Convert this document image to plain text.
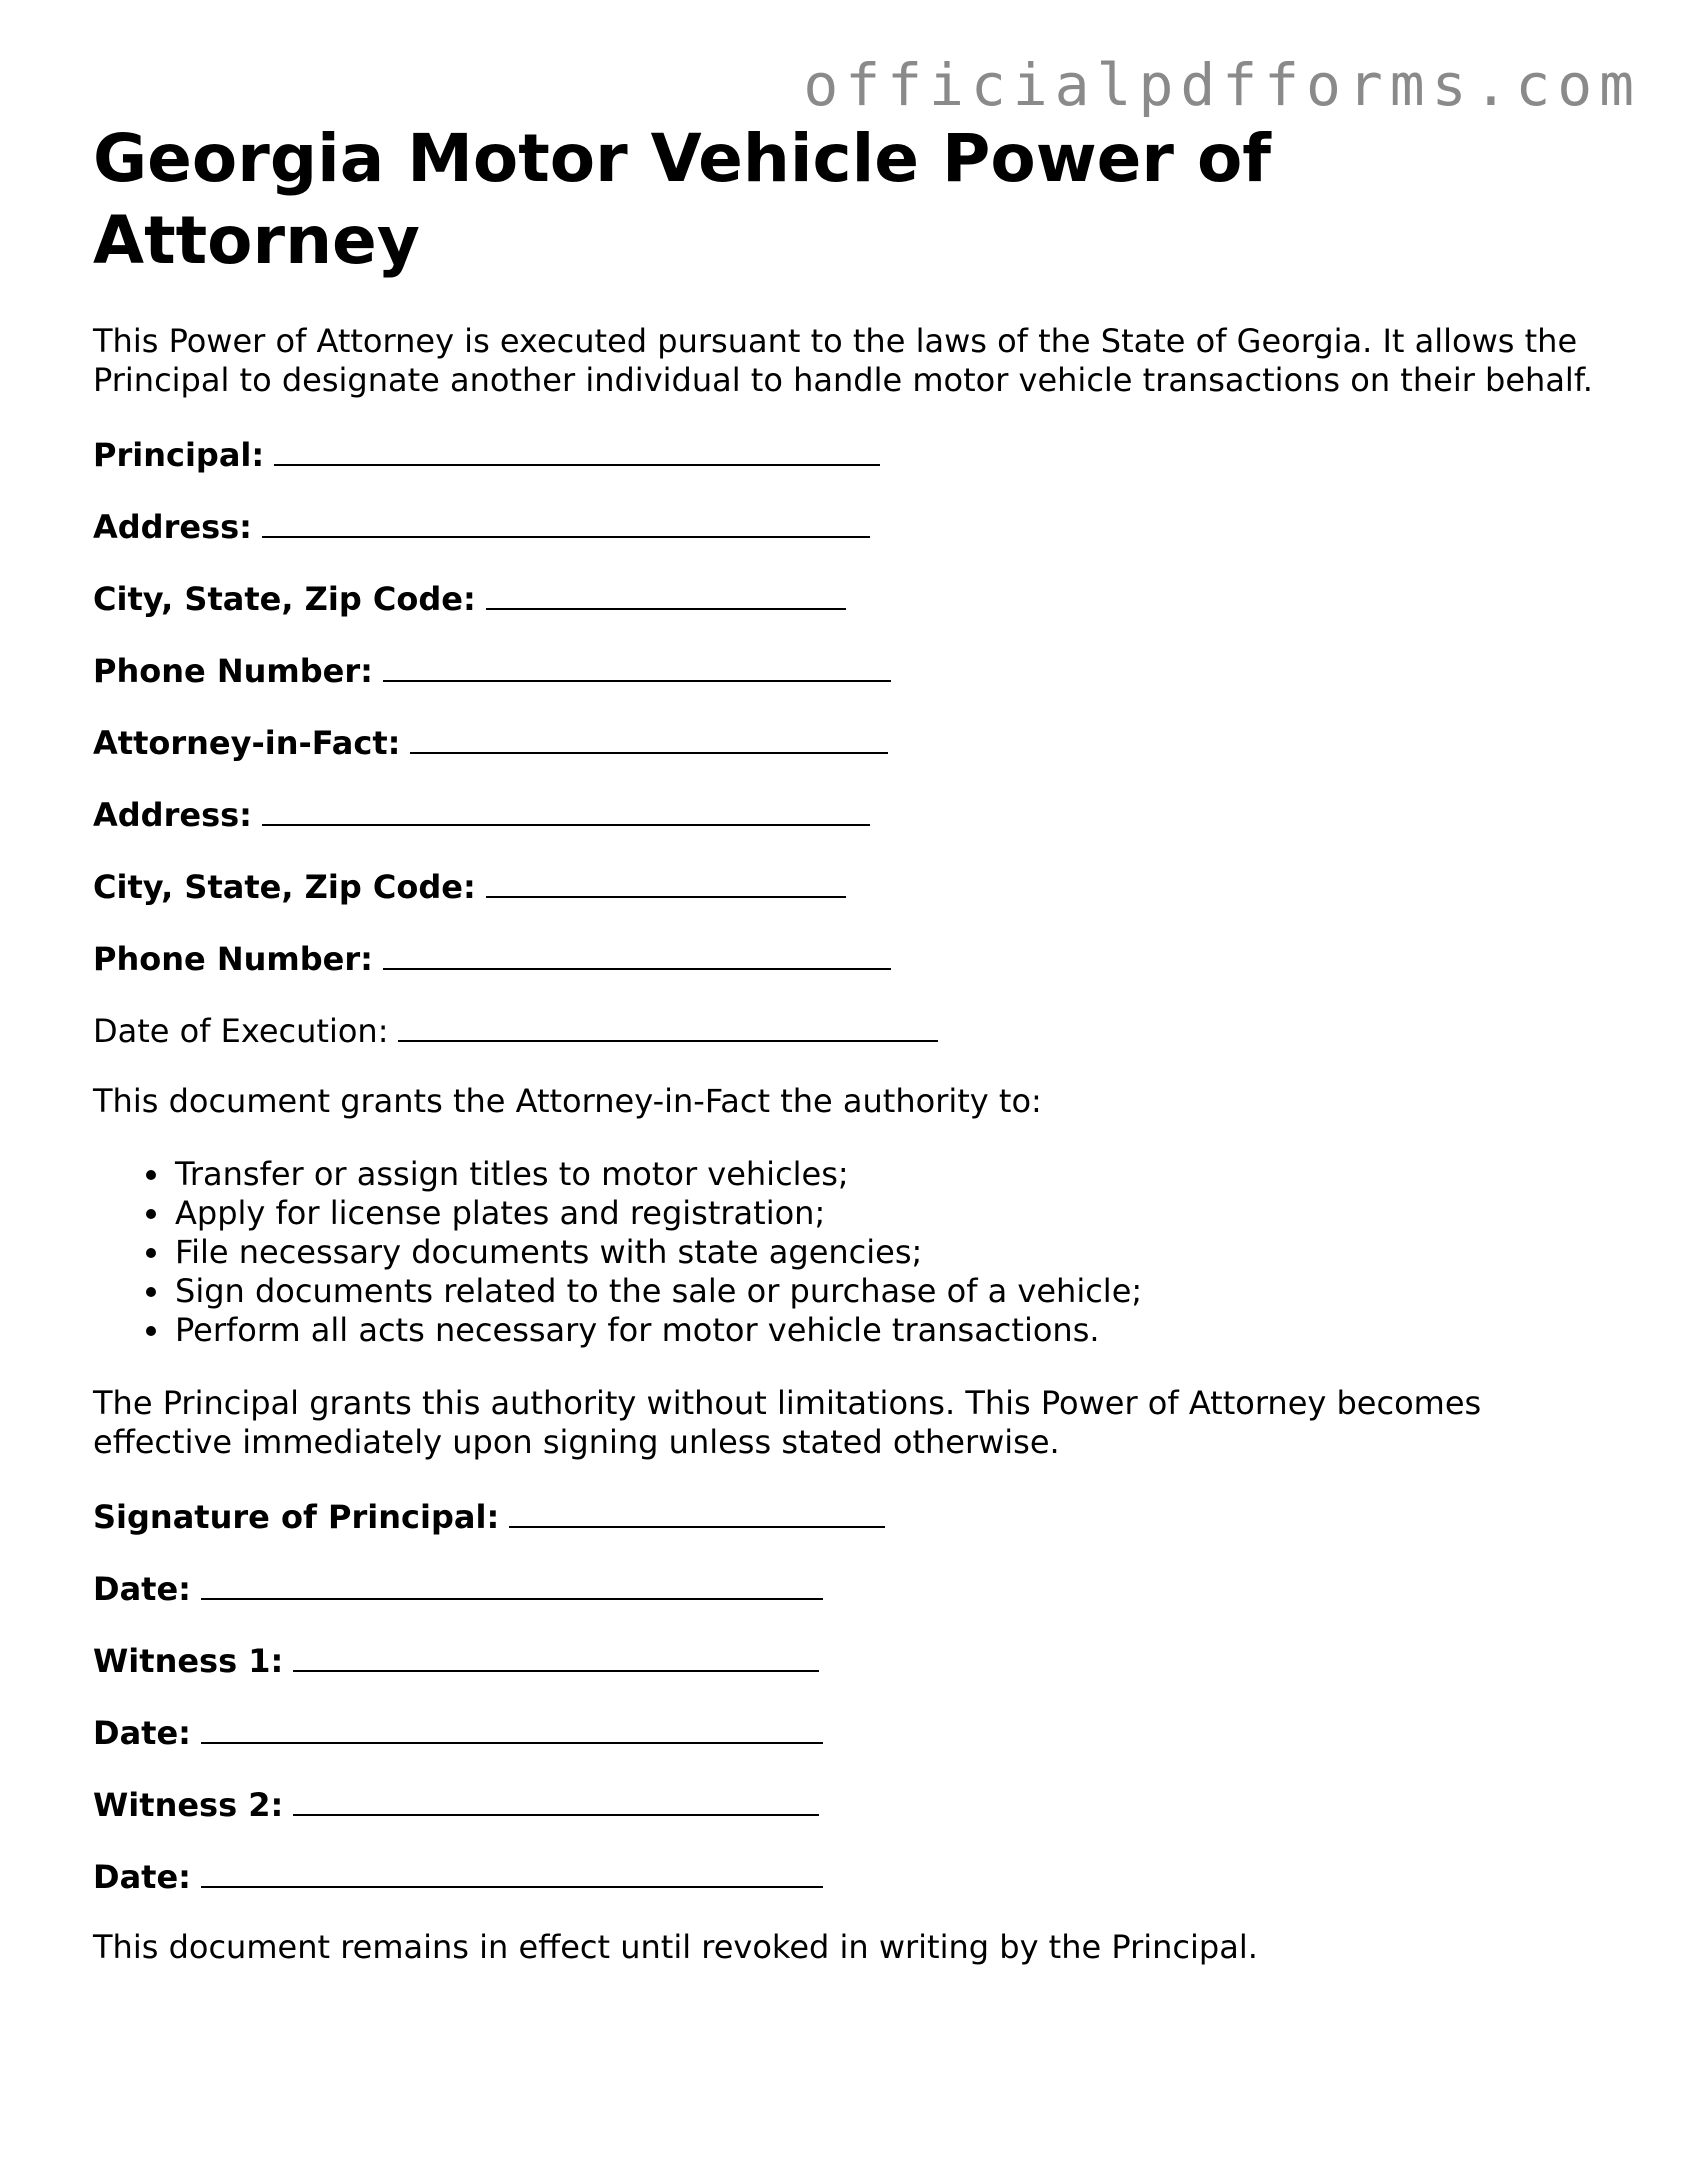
officialpdfforms.com
Georgia Motor Vehicle Power of Attorney

This Power of Attorney is executed pursuant to the laws of the State of Georgia. It allows the Principal to designate another individual to handle motor vehicle transactions on their behalf.

Principal:
Address:
City, State, Zip Code:
Phone Number:
Attorney-in-Fact:
Address:
City, State, Zip Code:
Phone Number:
Date of Execution:

This document grants the Attorney-in-Fact the authority to:

• Transfer or assign titles to motor vehicles;
• Apply for license plates and registration;
• File necessary documents with state agencies;
• Sign documents related to the sale or purchase of a vehicle;
• Perform all acts necessary for motor vehicle transactions.

The Principal grants this authority without limitations. This Power of Attorney becomes effective immediately upon signing unless stated otherwise.

Signature of Principal:
Date:
Witness 1:
Date:
Witness 2:
Date:

This document remains in effect until revoked in writing by the Principal.
